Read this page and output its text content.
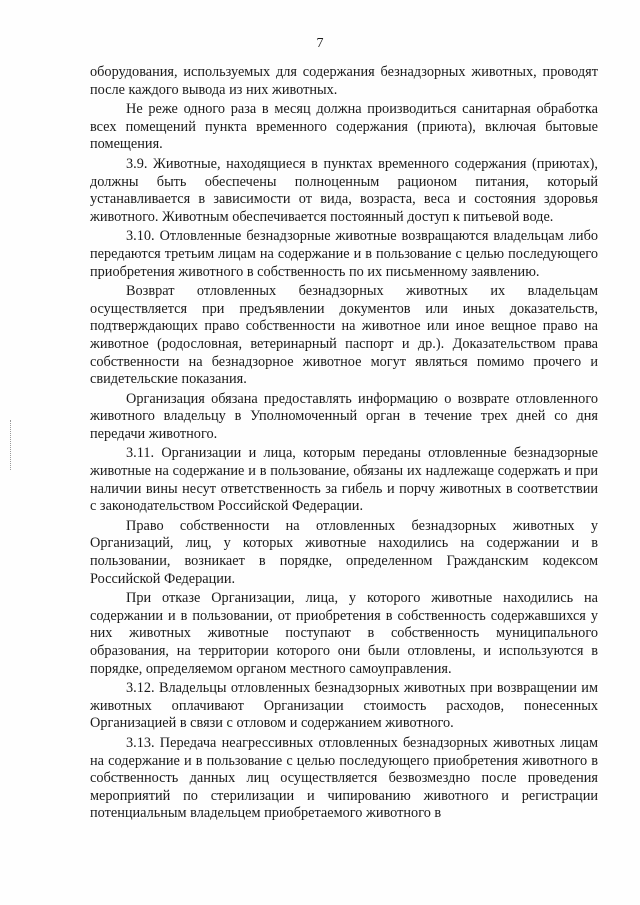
7

оборудования, используемых для содержания безнадзорных животных, проводят после каждого вывода из них животных.

Не реже одного раза в месяц должна производиться санитарная обработка всех помещений пункта временного содержания (приюта), включая бытовые помещения.

3.9. Животные, находящиеся в пунктах временного содержания (приютах), должны быть обеспечены полноценным рационом питания, который устанавливается в зависимости от вида, возраста, веса и состояния здоровья животного. Животным обеспечивается постоянный доступ к питьевой воде.

3.10. Отловленные безнадзорные животные возвращаются владельцам либо передаются третьим лицам на содержание и в пользование с целью последующего приобретения животного в собственность по их письменному заявлению.

Возврат отловленных безнадзорных животных их владельцам осуществляется при предъявлении документов или иных доказательств, подтверждающих право собственности на животное или иное вещное право на животное (родословная, ветеринарный паспорт и др.). Доказательством права собственности на безнадзорное животное могут являться помимо прочего и свидетельские показания.

Организация обязана предоставлять информацию о возврате отловленного животного владельцу в Уполномоченный орган в течение трех дней со дня передачи животного.

3.11. Организации и лица, которым переданы отловленные безнадзорные животные на содержание и в пользование, обязаны их надлежаще содержать и при наличии вины несут ответственность за гибель и порчу животных в соответствии с законодательством Российской Федерации.

Право собственности на отловленных безнадзорных животных у Организаций, лиц, у которых животные находились на содержании и в пользовании, возникает в порядке, определенном Гражданским кодексом Российской Федерации.

При отказе Организации, лица, у которого животные находились на содержании и в пользовании, от приобретения в собственность содержавшихся у них животных животные поступают в собственность муниципального образования, на территории которого они были отловлены, и используются в порядке, определяемом органом местного самоуправления.

3.12. Владельцы отловленных безнадзорных животных при возвращении им животных оплачивают Организации стоимость расходов, понесенных Организацией в связи с отловом и содержанием животного.

3.13. Передача неагрессивных отловленных безнадзорных животных лицам на содержание и в пользование с целью последующего приобретения животного в собственность данных лиц осуществляется безвозмездно после проведения мероприятий по стерилизации и чипированию животного и регистрации потенциальным владельцем приобретаемого животного в
